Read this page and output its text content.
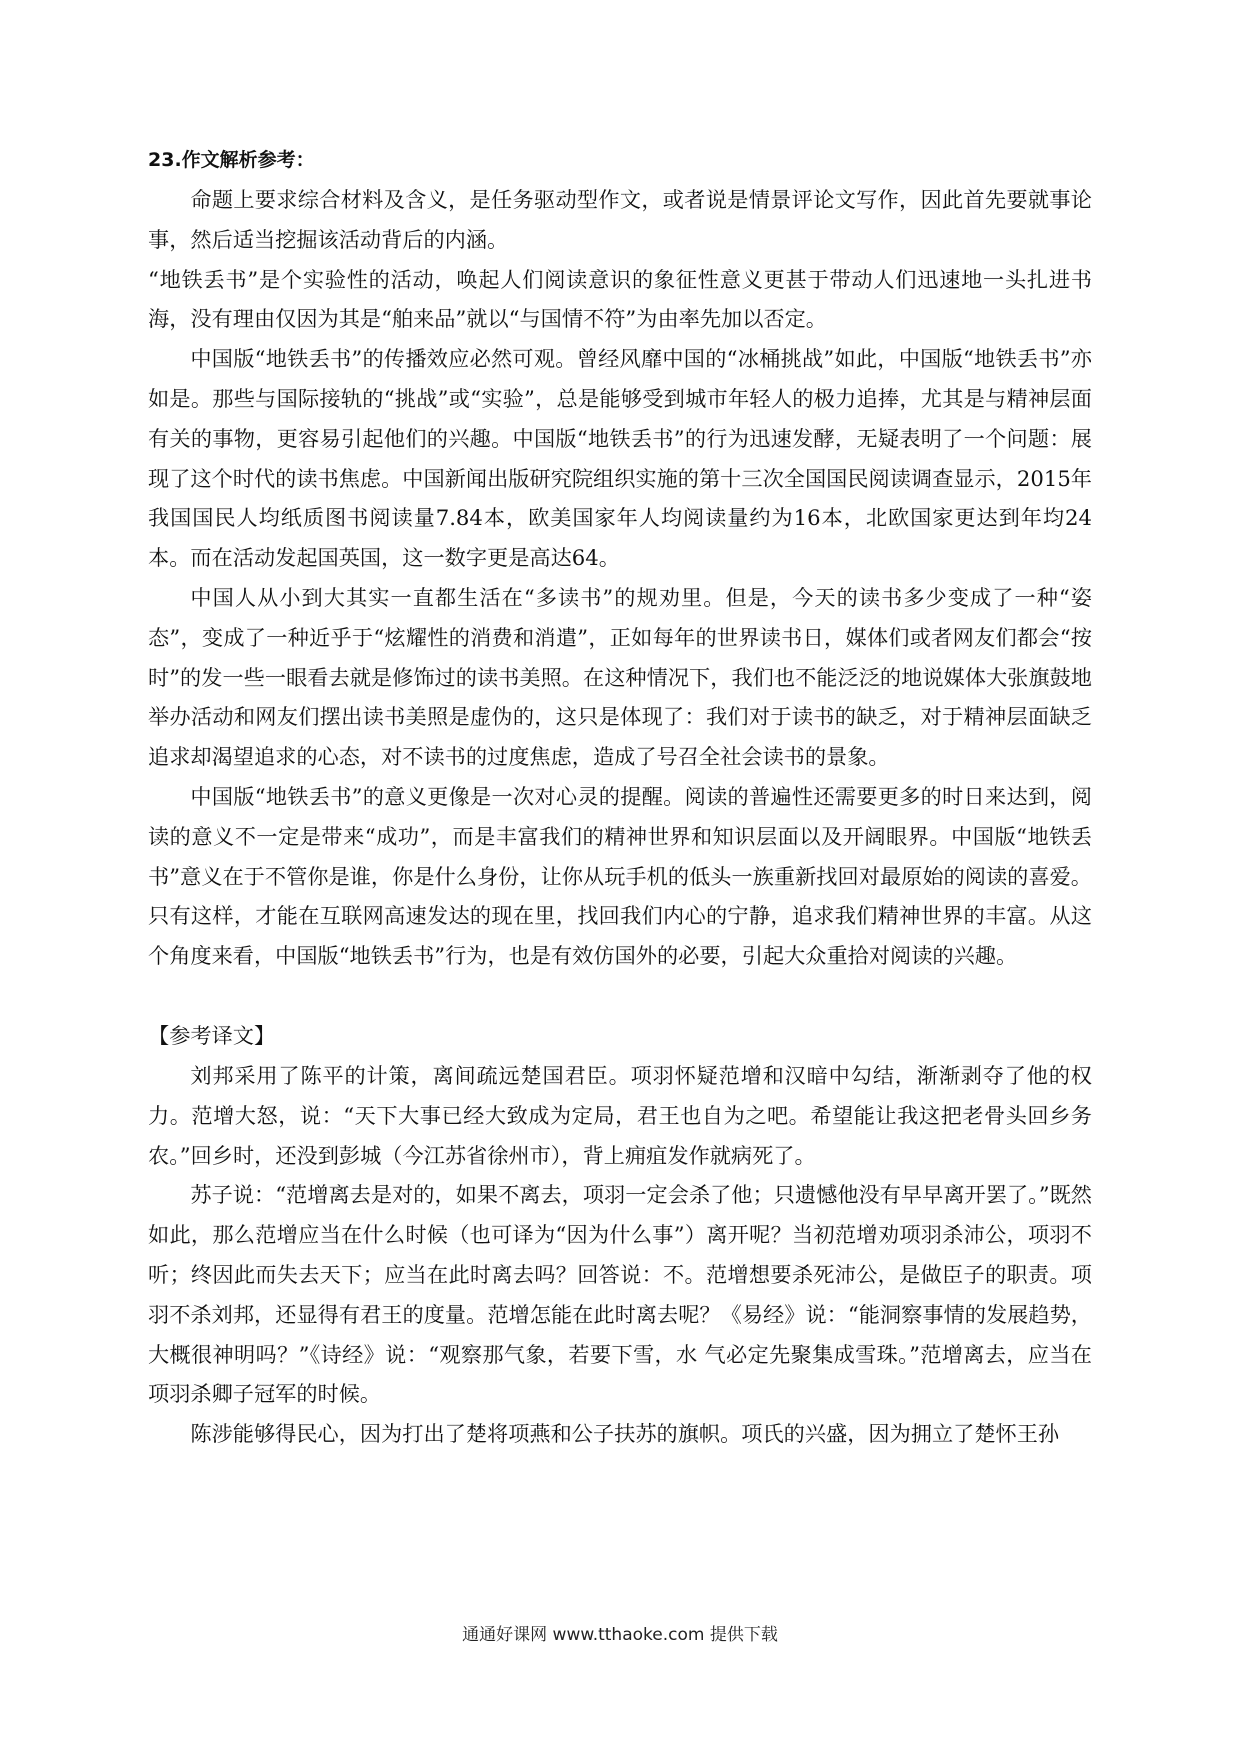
23.作文解析参考：

命题上要求综合材料及含义，是任务驱动型作文，或者说是情景评论文写作，因此首先要就事论事，然后适当挖掘该活动背后的内涵。

“地铁丢书”是个实验性的活动，唤起人们阅读意识的象征性意义更甚于带动人们迅速地一头扎进书海，没有理由仅因为其是“舶来品”就以“与国情不符”为由率先加以否定。

中国版“地铁丢书”的传播效应必然可观。曾经风靡中国的“冰桶挑战”如此，中国版“地铁丢书”亦如是。那些与国际接轨的“挑战”或“实验”，总是能够受到城市年轻人的极力追捧，尤其是与精神层面有关的事物，更容易引起他们的兴趣。中国版“地铁丢书”的行为迅速发酵，无疑表明了一个问题：展现了这个时代的读书焦虑。中国新闻出版研究院组织实施的第十三次全国国民阅读调查显示，2015年我国国民人均纸质图书阅读量7.84本，欧美国家年人均阅读量约为16本，北欧国家更达到年均24本。而在活动发起国英国，这一数字更是高达64。

中国人从小到大其实一直都生活在“多读书”的规劝里。但是，今天的读书多少变成了一种“姿态”，变成了一种近乎于“炫耀性的消费和消遣”，正如每年的世界读书日，媒体们或者网友们都会“按时”的发一些一眼看去就是修饰过的读书美照。在这种情况下，我们也不能泛泛的地说媒体大张旗鼓地举办活动和网友们摆出读书美照是虚伪的，这只是体现了：我们对于读书的缺乏，对于精神层面缺乏追求却渴望追求的心态，对不读书的过度焦虑，造成了号召全社会读书的景象。

中国版“地铁丢书”的意义更像是一次对心灵的提醒。阅读的普遍性还需要更多的时日来达到，阅读的意义不一定是带来“成功”，而是丰富我们的精神世界和知识层面以及开阔眼界。中国版“地铁丢书”意义在于不管你是谁，你是什么身份，让你从玩手机的低头一族重新找回对最原始的阅读的喜爱。只有这样，才能在互联网高速发达的现在里，找回我们内心的宁静，追求我们精神世界的丰富。从这个角度来看，中国版“地铁丢书”行为，也是有效仿国外的必要，引起大众重拾对阅读的兴趣。

【参考译文】

刘邦采用了陈平的计策，离间疏远楚国君臣。项羽怀疑范增和汉暗中勾结，渐渐剥夺了他的权力。范增大怒，说：“天下大事已经大致成为定局，君王也自为之吧。希望能让我这把老骨头回乡务农。”回乡时，还没到彭城（今江苏省徐州市），背上痈疽发作就病死了。

苏子说：“范增离去是对的，如果不离去，项羽一定会杀了他；只遗憾他没有早早离开罢了。”既然如此，那么范增应当在什么时候（也可译为“因为什么事”）离开呢？当初范增劝项羽杀沛公，项羽不听；终因此而失去天下；应当在此时离去吗？回答说：不。范增想要杀死沛公，是做臣子的职责。项羽不杀刘邦，还显得有君王的度量。范增怎能在此时离去呢？《易经》说：“能洞察事情的发展趋势，大概很神明吗？”《诗经》说：“观察那气象，若要下雪，水 气必定先聚集成雪珠。”范增离去，应当在项羽杀卿子冠军的时候。

陈涉能够得民心，因为打出了楚将项燕和公子扶苏的旗帜。项氏的兴盛，因为拥立了楚怀王孙

通通好课网 www.tthaoke.com 提供下载
